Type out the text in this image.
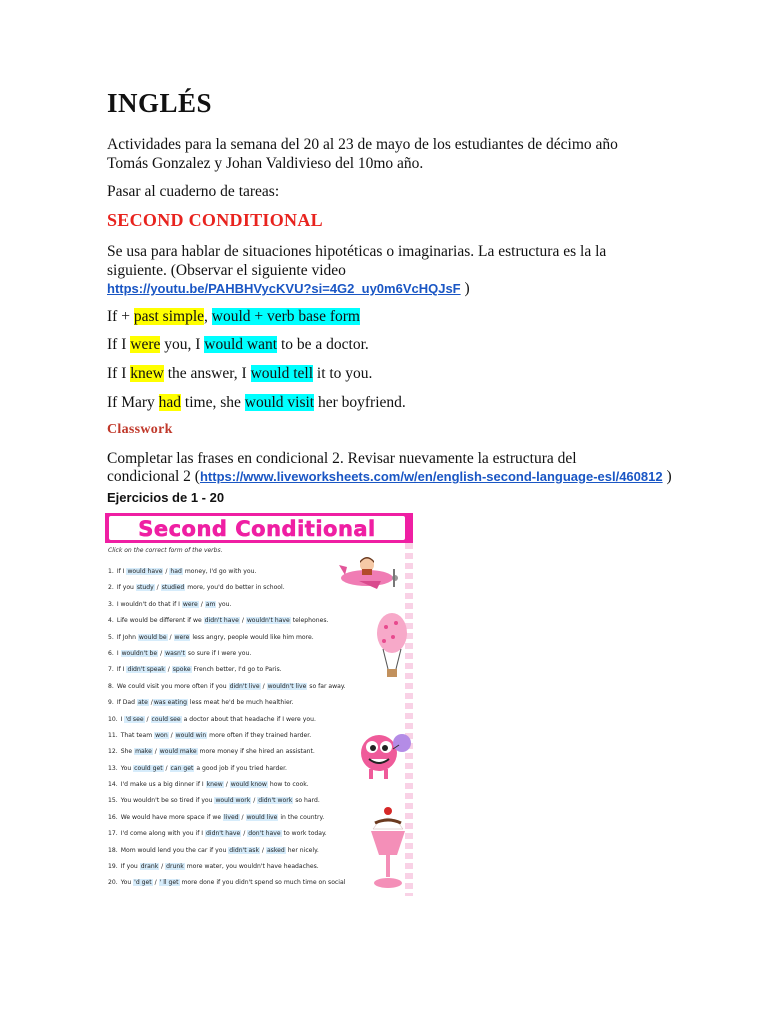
INGLÉS

Actividades para la semana del 20 al 23 de mayo de los estudiantes de décimo año

Tomás Gonzalez y Johan Valdivieso del 10mo año.

Pasar al cuaderno de tareas:

SECOND CONDITIONAL

Se usa para hablar de situaciones hipotéticas o imaginarias. La estructura es la la

siguiente. (Observar el siguiente video

https://youtu.be/PAHBHVycKVU?si=4G2_uy0m6VcHQJsF )

If + past simple, would + verb base form

If I were you, I would want to be a doctor.

If I knew the answer, I would tell it to you.

If Mary had time, she would visit her boyfriend.

Classwork

Completar las frases en condicional 2. Revisar nuevamente la estructura del

condicional 2 (https://www.liveworksheets.com/w/en/english-second-language-esl/460812 )

Ejercicios de 1 - 20

Second Conditional
Click on the correct form of the verbs.
1. If I would have / had money, I'd go with you.
2. If you study / studied more, you'd do better in school.
3. I wouldn't do that if I were / am you.
4. Life would be different if we didn't have / wouldn't have telephones.
5. If John would be / were less angry, people would like him more.
6. I wouldn't be / wasn't so sure if I were you.
7. If I didn't speak / spoke French better, I'd go to Paris.
8. We could visit you more often if you didn't live / wouldn't live so far away.
9. If Dad ate /was eating less meat he'd be much healthier.
10. I 'd see / could see a doctor about that headache if I were you.
11. That team won / would win more often if they trained harder.
12. She make / would make more money if she hired an assistant.
13. You could get / can get a good job if you tried harder.
14. I'd make us a big dinner if I knew / would know how to cook.
15. You wouldn't be so tired if you would work / didn't work so hard.
16. We would have more space if we lived / would live in the country.
17. I'd come along with you if I didn't have / don't have to work today.
18. Mom would lend you the car if you didn't ask / asked her nicely.
19. If you drank / drunk more water, you wouldn't have headaches.
20. You 'd get / ' ll get more done if you didn't spend so much time on social
